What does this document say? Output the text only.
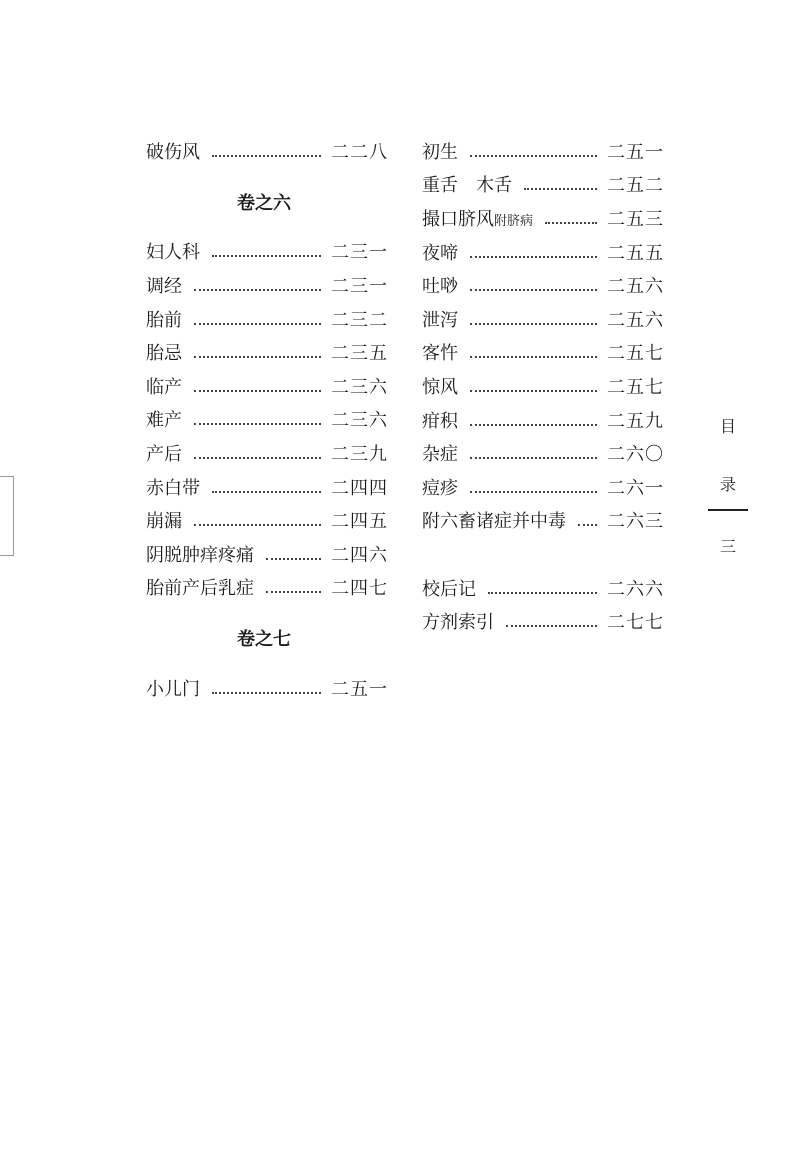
破伤风	二二八
卷之六
妇人科	二三一
调经	二三一
胎前	二三二
胎忌	二三五
临产	二三六
难产	二三六
产后	二三九
赤白带	二四四
崩漏	二四五
阴脱肿痒疼痛	二四六
胎前产后乳症	二四七
卷之七
小儿门	二五一
初生	二五一
重舌 木舌	二五二
撮口脐风附脐病	二五三
夜啼	二五五
吐唦	二五六
泄泻	二五六
客忤	二五七
惊风	二五七
疳积	二五九
杂症	二六〇
痘疹	二六一
附六畜诸症并中毒 二六三
校后记	二六六
方剂索引	二七七
目
录
三
